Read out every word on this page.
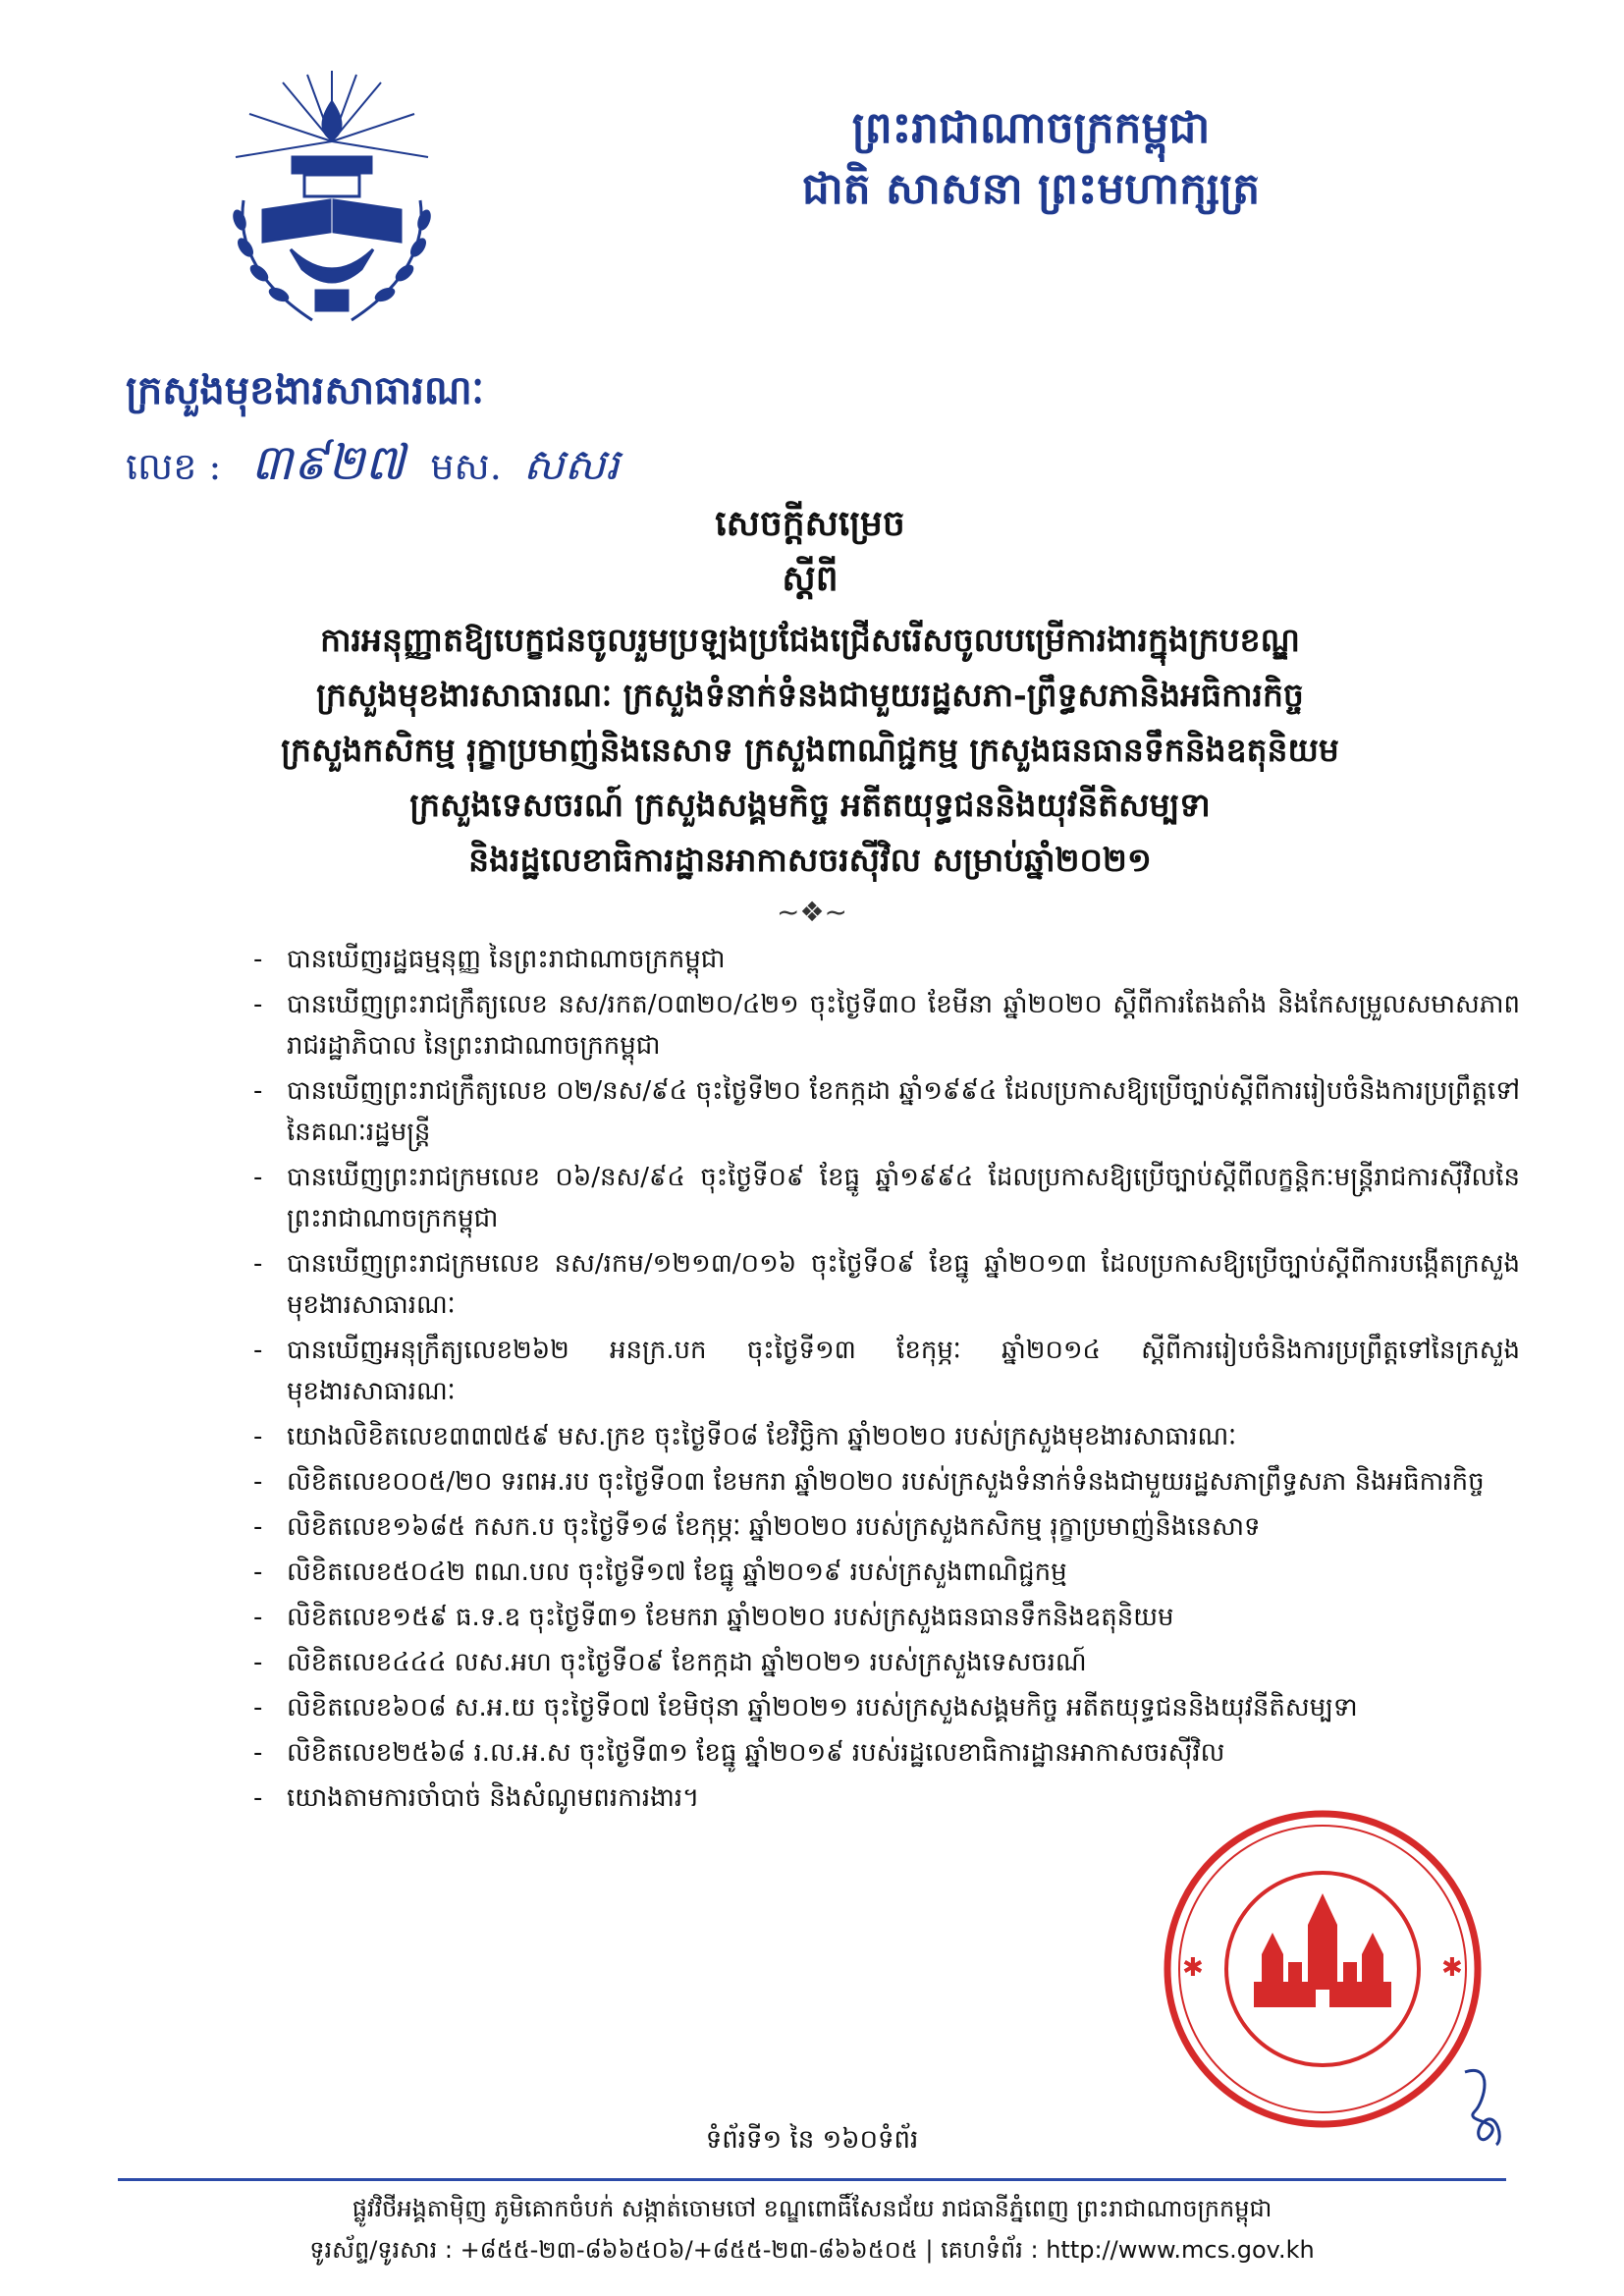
ព្រះរាជាណាចក្រកម្ពុជា
ជាតិ សាសនា ព្រះមហាក្សត្រ
ក្រសួងមុខងារសាធារណៈ
លេខ : ៣៩២៧ មស. សសរ
សេចក្តីសម្រេច
ស្តីពី
ការអនុញ្ញាតឱ្យបេក្ខជនចូលរួមប្រឡងប្រជែងជ្រើសរើសចូលបម្រើការងារក្នុងក្របខណ្ឌ
ក្រសួងមុខងារសាធារណៈ ក្រសួងទំនាក់ទំនងជាមួយរដ្ឋសភា-ព្រឹទ្ធសភានិងអធិការកិច្ច
ក្រសួងកសិកម្ម រុក្ខាប្រមាញ់និងនេសាទ ក្រសួងពាណិជ្ជកម្ម ក្រសួងធនធានទឹកនិងឧតុនិយម
ក្រសួងទេសចរណ៍ ក្រសួងសង្គមកិច្ច អតីតយុទ្ធជននិងយុវនីតិសម្បទា
និងរដ្ឋលេខាធិការដ្ឋានអាកាសចរស៊ីវិល សម្រាប់ឆ្នាំ២០២១
~❖~
- បានឃើញរដ្ឋធម្មនុញ្ញ នៃព្រះរាជាណាចក្រកម្ពុជា
- បានឃើញព្រះរាជក្រឹត្យលេខ នស/រកត/០៣២០/៤២១ ចុះថ្ងៃទី៣០ ខែមីនា ឆ្នាំ២០២០ ស្តីពីការតែងតាំង និងកែសម្រួលសមាសភាពរាជរដ្ឋាភិបាល នៃព្រះរាជាណាចក្រកម្ពុជា
- បានឃើញព្រះរាជក្រឹត្យលេខ ០២/នស/៩៤ ចុះថ្ងៃទី២០ ខែកក្កដា ឆ្នាំ១៩៩៤ ដែលប្រកាសឱ្យប្រើច្បាប់ស្តីពីការរៀបចំនិងការប្រព្រឹត្តទៅនៃគណៈរដ្ឋមន្ត្រី
- បានឃើញព្រះរាជក្រមលេខ ០៦/នស/៩៤ ចុះថ្ងៃទី០៩ ខែធ្នូ ឆ្នាំ១៩៩៤ ដែលប្រកាសឱ្យប្រើច្បាប់ស្តីពីលក្ខន្តិកៈមន្ត្រីរាជការស៊ីវិលនៃព្រះរាជាណាចក្រកម្ពុជា
- បានឃើញព្រះរាជក្រមលេខ នស/រកម/១២១៣/០១៦ ចុះថ្ងៃទី០៩ ខែធ្នូ ឆ្នាំ២០១៣ ដែលប្រកាសឱ្យប្រើច្បាប់ស្តីពីការបង្កើតក្រសួងមុខងារសាធារណៈ
- បានឃើញអនុក្រឹត្យលេខ២៦២ អនក្រ.បក ចុះថ្ងៃទី១៣ ខែកុម្ភៈ ឆ្នាំ២០១៤ ស្តីពីការរៀបចំនិងការប្រព្រឹត្តទៅនៃក្រសួងមុខងារសាធារណៈ
- យោងលិខិតលេខ៣៣៧៥៩ មស.ក្រខ ចុះថ្ងៃទី០៨ ខែវិច្ឆិកា ឆ្នាំ២០២០ របស់ក្រសួងមុខងារសាធារណៈ
- លិខិតលេខ០០៥/២០ ទរពអ.រប ចុះថ្ងៃទី០៣ ខែមករា ឆ្នាំ២០២០ របស់ក្រសួងទំនាក់ទំនងជាមួយរដ្ឋសភាព្រឹទ្ធសភា និងអធិការកិច្ច
- លិខិតលេខ១៦៨៥ កសក.ប ចុះថ្ងៃទី១៨ ខែកុម្ភៈ ឆ្នាំ២០២០ របស់ក្រសួងកសិកម្ម រុក្ខាប្រមាញ់និងនេសាទ
- លិខិតលេខ៥០៤២ ពណ.បល ចុះថ្ងៃទី១៧ ខែធ្នូ ឆ្នាំ២០១៩ របស់ក្រសួងពាណិជ្ជកម្ម
- លិខិតលេខ១៥៩ ធ.ទ.ឧ ចុះថ្ងៃទី៣១ ខែមករា ឆ្នាំ២០២០ របស់ក្រសួងធនធានទឹកនិងឧតុនិយម
- លិខិតលេខ៤៤៤ លស.អហ ចុះថ្ងៃទី០៩ ខែកក្កដា ឆ្នាំ២០២១ របស់ក្រសួងទេសចរណ៍
- លិខិតលេខ៦០៨ ស.អ.យ ចុះថ្ងៃទី០៧ ខែមិថុនា ឆ្នាំ២០២១ របស់ក្រសួងសង្គមកិច្ច អតីតយុទ្ធជននិងយុវនីតិសម្បទា
- លិខិតលេខ២៥៦៨ រ.ល.អ.ស ចុះថ្ងៃទី៣១ ខែធ្នូ ឆ្នាំ២០១៩ របស់រដ្ឋលេខាធិការដ្ឋានអាកាសចរស៊ីវិល
- យោងតាមការចាំបាច់ និងសំណូមពរការងារ។
✱	✱
ទំព័រទី១ នៃ ១៦០ទំព័រ
ផ្លូវវិថីអង្គតាម៉ិញ ភូមិគោកចំបក់ សង្កាត់ចោមចៅ ខណ្ឌពោធិ៍សែនជ័យ រាជធានីភ្នំពេញ ព្រះរាជាណាចក្រកម្ពុជា
ទូរស័ព្ទ/ទូរសារ : +៨៥៥-២៣-៨៦៦៥០៦/+៨៥៥-២៣-៨៦៦៥០៥ | គេហទំព័រ : http://www.mcs.gov.kh
